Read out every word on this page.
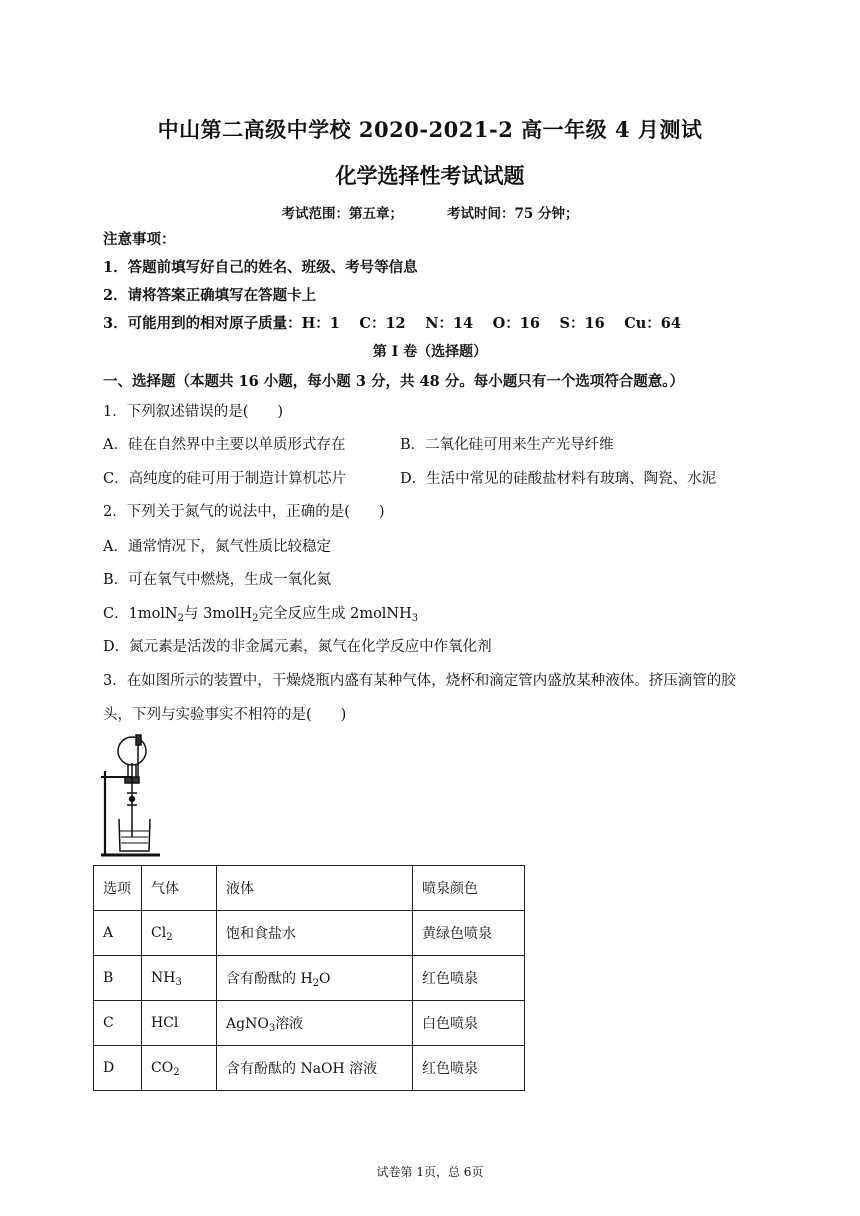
中山第二高级中学校 2020-2021-2 高一年级 4 月测试
化学选择性考试试题
考试范围：第五章；	考试时间：75 分钟；
注意事项：
1．答题前填写好自己的姓名、班级、考号等信息
2．请将答案正确填写在答题卡上
3．可能用到的相对原子质量：H：1　 C：12　 N：14　 O：16　 S：16　 Cu：64
第 I 卷（选择题）
一、选择题（本题共 16 小题，每小题 3 分，共 48 分。每小题只有一个选项符合题意。）
1．下列叙述错误的是(　　)
A．硅在自然界中主要以单质形式存在	B．二氧化硅可用来生产光导纤维
C．高纯度的硅可用于制造计算机芯片	D．生活中常见的硅酸盐材料有玻璃、陶瓷、水泥
2．下列关于氮气的说法中，正确的是(　　)
A．通常情况下，氮气性质比较稳定
B．可在氧气中燃烧，生成一氧化氮
C．1molN$_2$与 3molH$_2$完全反应生成 2molNH$_3$
D．氮元素是活泼的非金属元素，氮气在化学反应中作氧化剂
3．在如图所示的装置中，干燥烧瓶内盛有某种气体，烧杯和滴定管内盛放某种液体。挤压滴管的胶
头，下列与实验事实不相符的是(　　)
选项	气体	液体	喷泉颜色
A	$Cl_2$	饱和食盐水	黄绿色喷泉
B	$NH_3$	含有酚酞的 $H_2O$	红色喷泉
C	HCl	AgNO$_3$溶液	白色喷泉
D	$CO_2$	含有酚酞的 NaOH 溶液	红色喷泉
试卷第 1页，总 6页
